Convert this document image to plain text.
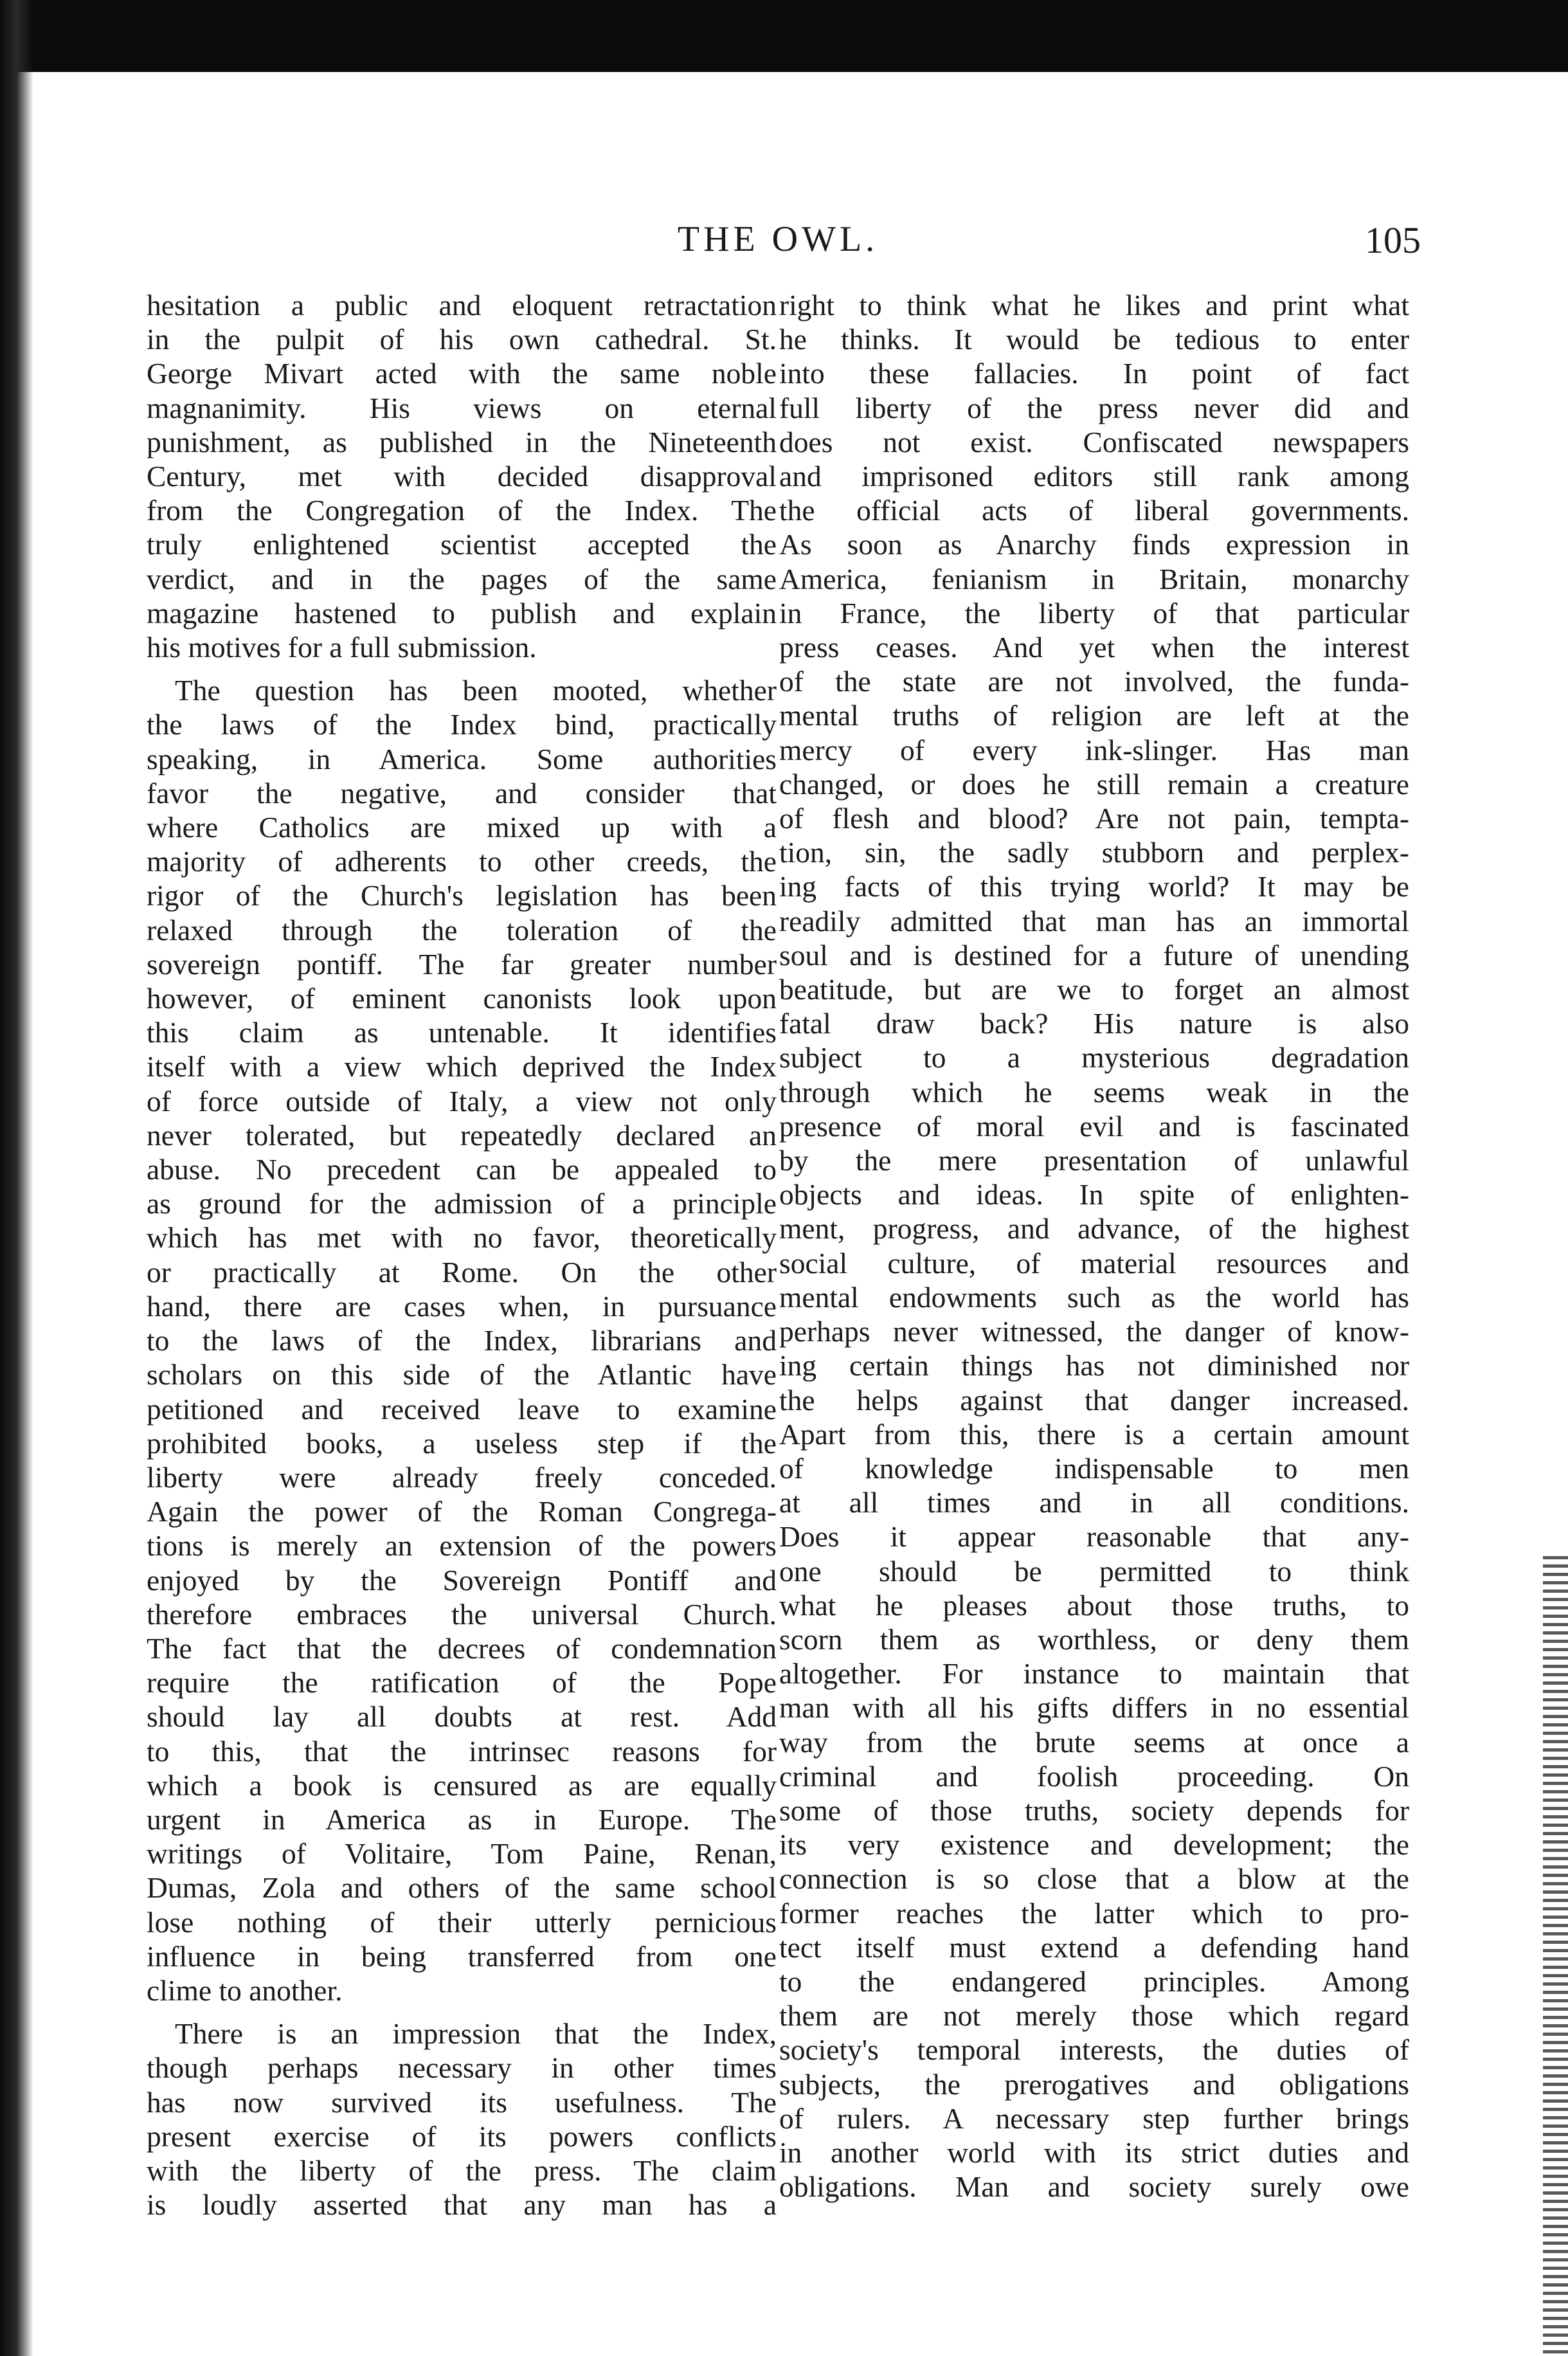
THE OWL.	105
hesitation a public and eloquent retractation
in the pulpit of his own cathedral. St.
George Mivart acted with the same noble
magnanimity. His views on eternal
punishment, as published in the Nineteenth
Century, met with decided disapproval
from the Congregation of the Index. The
truly enlightened scientist accepted the
verdict, and in the pages of the same
magazine hastened to publish and explain
his motives for a full submission.
The question has been mooted, whether
the laws of the Index bind, practically
speaking, in America. Some authorities
favor the negative, and consider that
where Catholics are mixed up with a
majority of adherents to other creeds, the
rigor of the Church's legislation has been
relaxed through the toleration of the
sovereign pontiff. The far greater number
however, of eminent canonists look upon
this claim as untenable. It identifies
itself with a view which deprived the Index
of force outside of Italy, a view not only
never tolerated, but repeatedly declared an
abuse. No precedent can be appealed to
as ground for the admission of a principle
which has met with no favor, theoretically
or practically at Rome. On the other
hand, there are cases when, in pursuance
to the laws of the Index, librarians and
scholars on this side of the Atlantic have
petitioned and received leave to examine
prohibited books, a useless step if the
liberty were already freely conceded.
Again the power of the Roman Congrega-
tions is merely an extension of the powers
enjoyed by the Sovereign Pontiff and
therefore embraces the universal Church.
The fact that the decrees of condemnation
require the ratification of the Pope
should lay all doubts at rest. Add
to this, that the intrinsec reasons for
which a book is censured as are equally
urgent in America as in Europe. The
writings of Volitaire, Tom Paine, Renan,
Dumas, Zola and others of the same school
lose nothing of their utterly pernicious
influence in being transferred from one
clime to another.
There is an impression that the Index,
though perhaps necessary in other times
has now survived its usefulness. The
present exercise of its powers conflicts
with the liberty of the press. The claim
is loudly asserted that any man has a
right to think what he likes and print what
he thinks. It would be tedious to enter
into these fallacies. In point of fact
full liberty of the press never did and
does not exist. Confiscated newspapers
and imprisoned editors still rank among
the official acts of liberal governments.
As soon as Anarchy finds expression in
America, fenianism in Britain, monarchy
in France, the liberty of that particular
press ceases. And yet when the interest
of the state are not involved, the funda-
mental truths of religion are left at the
mercy of every ink-slinger. Has man
changed, or does he still remain a creature
of flesh and blood? Are not pain, tempta-
tion, sin, the sadly stubborn and perplex-
ing facts of this trying world? It may be
readily admitted that man has an immortal
soul and is destined for a future of unending
beatitude, but are we to forget an almost
fatal draw back? His nature is also
subject to a mysterious degradation
through which he seems weak in the
presence of moral evil and is fascinated
by the mere presentation of unlawful
objects and ideas. In spite of enlighten-
ment, progress, and advance, of the highest
social culture, of material resources and
mental endowments such as the world has
perhaps never witnessed, the danger of know-
ing certain things has not diminished nor
the helps against that danger increased.
Apart from this, there is a certain amount
of knowledge indispensable to men
at all times and in all conditions.
Does it appear reasonable that any-
one should be permitted to think
what he pleases about those truths, to
scorn them as worthless, or deny them
altogether. For instance to maintain that
man with all his gifts differs in no essential
way from the brute seems at once a
criminal and foolish proceeding. On
some of those truths, society depends for
its very existence and development; the
connection is so close that a blow at the
former reaches the latter which to pro-
tect itself must extend a defending hand
to the endangered principles. Among
them are not merely those which regard
society's temporal interests, the duties of
subjects, the prerogatives and obligations
of rulers. A necessary step further brings
in another world with its strict duties and
obligations. Man and society surely owe
